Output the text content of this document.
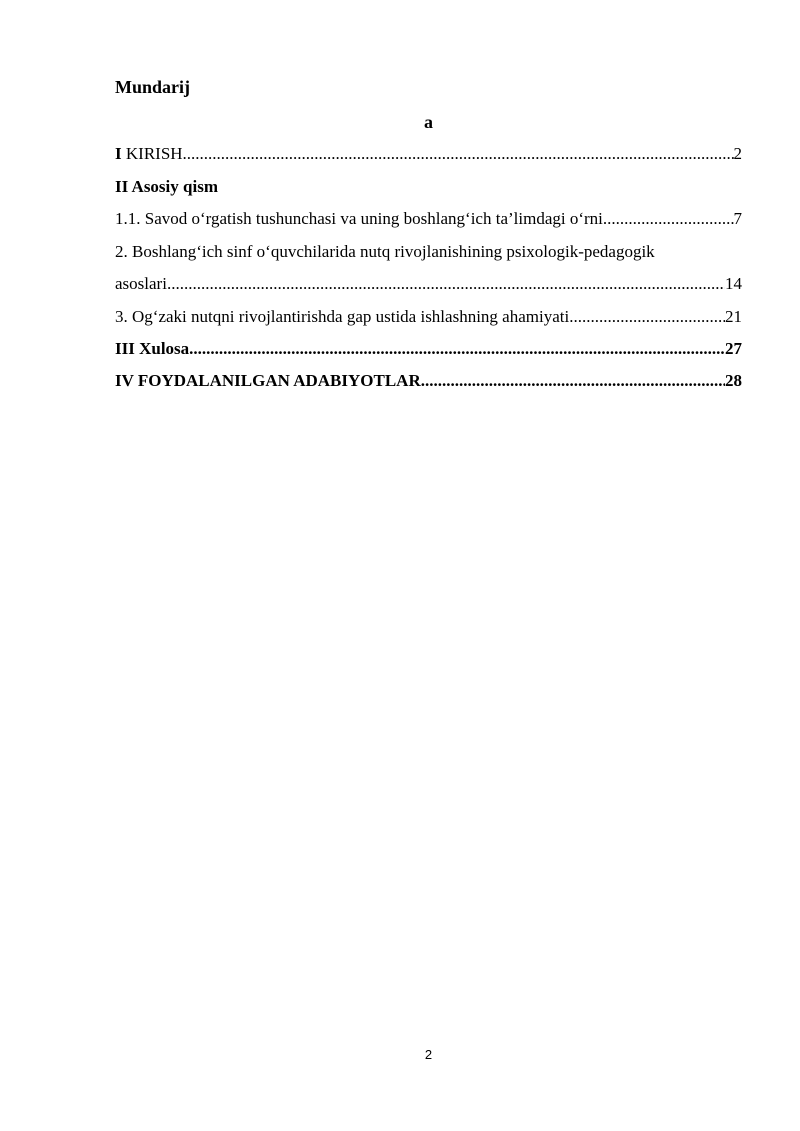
Mundarij
a
I KIRISH .....	2
II Asosiy qism
1.1. Savod o‘rgatish tushunchasi va uning boshlang‘ich ta’limdagi o‘rni .....	7
2. Boshlang‘ich sinf o‘quvchilarida nutq rivojlanishining psixologik-pedagogik
asoslari .....	14
3. Og‘zaki nutqni rivojlantirishda gap ustida ishlashning ahamiyati .....	21
III Xulosa .....	27
IV FOYDALANILGAN ADABIYOTLAR .....	28
2
